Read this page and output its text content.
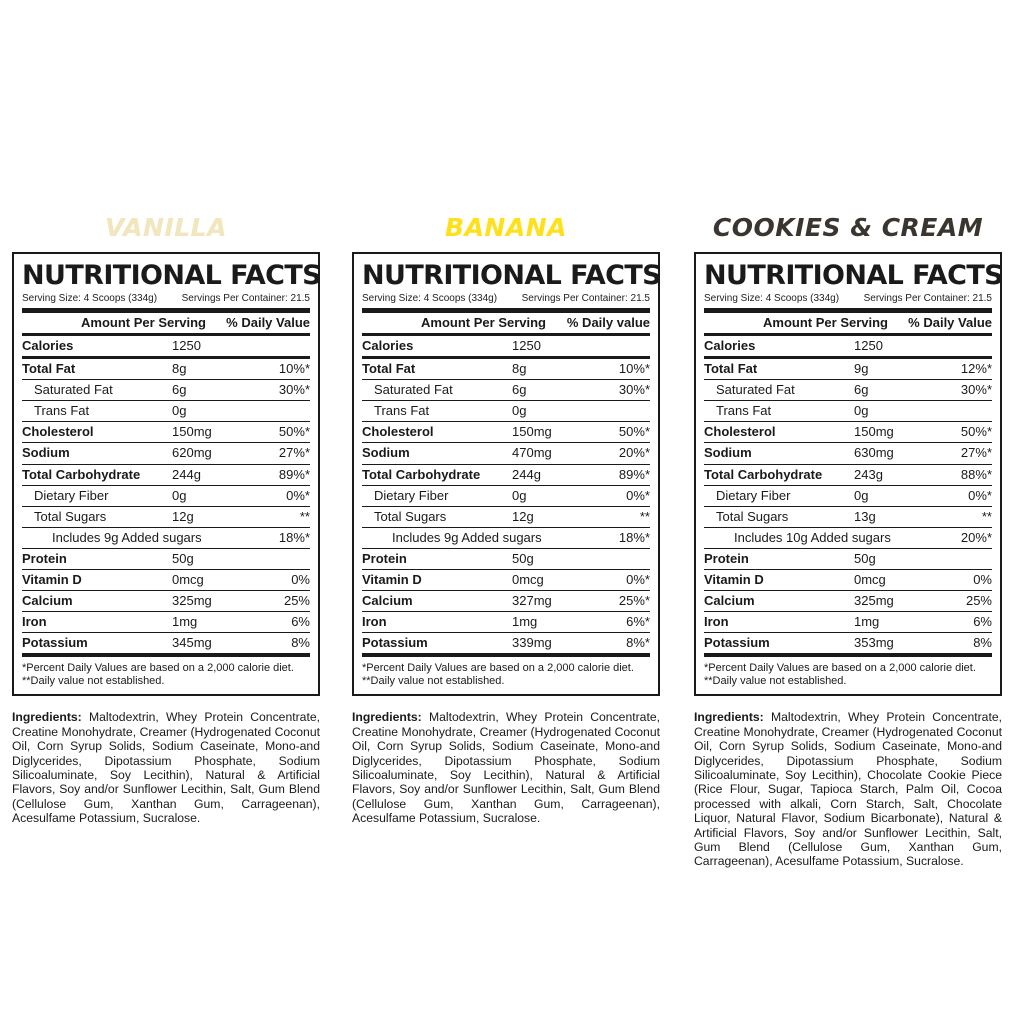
VANILLA
NUTRITIONAL FACTS
Serving Size: 4 Scoops (334g) Servings Per Container: 21.5
Amount Per Serving	% Daily Value
Calories	1250
Total Fat	8g	10%*
Saturated Fat	6g	30%*
Trans Fat	0g
Cholesterol	150mg	50%*
Sodium	620mg	27%*
Total Carbohydrate	244g	89%*
Dietary Fiber	0g	0%*
Total Sugars	12g	**
Includes 9g Added sugars	18%*
Protein	50g
Vitamin D	0mcg	0%
Calcium	325mg	25%
Iron	1mg	6%
Potassium	345mg	8%
*Percent Daily Values are based on a 2,000 calorie diet.
**Daily value not established.
Ingredients: Maltodextrin, Whey Protein Concentrate, Creatine Monohydrate, Creamer (Hydrogenated Coconut Oil, Corn Syrup Solids, Sodium Caseinate, Mono-and Diglycerides, Dipotassium Phosphate, Sodium Silicoaluminate, Soy Lecithin), Natural & Artificial Flavors, Soy and/or Sunflower Lecithin, Salt, Gum Blend (Cellulose Gum, Xanthan Gum, Carrageenan), Acesulfame Potassium, Sucralose.
BANANA
NUTRITIONAL FACTS
Serving Size: 4 Scoops (334g) Servings Per Container: 21.5
Amount Per Serving	% Daily value
Calories	1250
Total Fat	8g	10%*
Saturated Fat	6g	30%*
Trans Fat	0g
Cholesterol	150mg	50%*
Sodium	470mg	20%*
Total Carbohydrate	244g	89%*
Dietary Fiber	0g	0%*
Total Sugars	12g	**
Includes 9g Added sugars	18%*
Protein	50g
Vitamin D	0mcg	0%*
Calcium	327mg	25%*
Iron	1mg	6%*
Potassium	339mg	8%*
*Percent Daily Values are based on a 2,000 calorie diet.
**Daily value not established.
Ingredients: Maltodextrin, Whey Protein Concentrate, Creatine Monohydrate, Creamer (Hydrogenated Coconut Oil, Corn Syrup Solids, Sodium Caseinate, Mono-and Diglycerides, Dipotassium Phosphate, Sodium Silicoaluminate, Soy Lecithin), Natural & Artificial Flavors, Soy and/or Sunflower Lecithin, Salt, Gum Blend (Cellulose Gum, Xanthan Gum, Carrageenan), Acesulfame Potassium, Sucralose.
COOKIES & CREAM
NUTRITIONAL FACTS
Serving Size: 4 Scoops (334g) Servings Per Container: 21.5
Amount Per Serving	% Daily Value
Calories	1250
Total Fat	9g	12%*
Saturated Fat	6g	30%*
Trans Fat	0g
Cholesterol	150mg	50%*
Sodium	630mg	27%*
Total Carbohydrate	243g	88%*
Dietary Fiber	0g	0%*
Total Sugars	13g	**
Includes 10g Added sugars	20%*
Protein	50g
Vitamin D	0mcg	0%
Calcium	325mg	25%
Iron	1mg	6%
Potassium	353mg	8%
*Percent Daily Values are based on a 2,000 calorie diet.
**Daily value not established.
Ingredients: Maltodextrin, Whey Protein Concentrate, Creatine Monohydrate, Creamer (Hydrogenated Coconut Oil, Corn Syrup Solids, Sodium Caseinate, Mono-and Diglycerides, Dipotassium Phosphate, Sodium Silicoaluminate, Soy Lecithin), Chocolate Cookie Piece (Rice Flour, Sugar, Tapioca Starch, Palm Oil, Cocoa processed with alkali, Corn Starch, Salt, Chocolate Liquor, Natural Flavor, Sodium Bicarbonate), Natural & Artificial Flavors, Soy and/or Sunflower Lecithin, Salt, Gum Blend (Cellulose Gum, Xanthan Gum, Carrageenan), Acesulfame Potassium, Sucralose.
